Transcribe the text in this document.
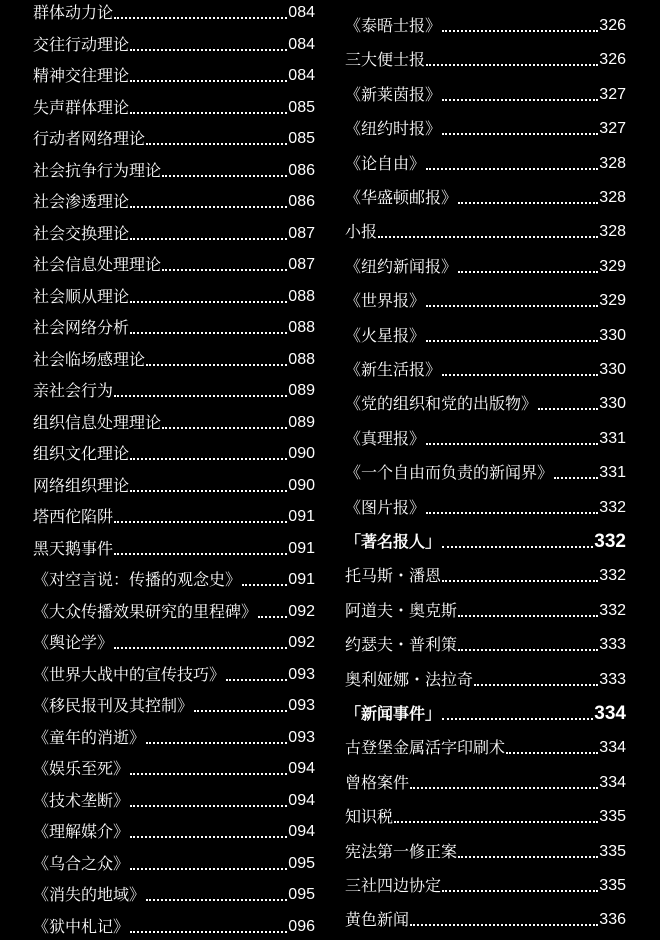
群体动力论	084
交往行动理论	084
精神交往理论	084
失声群体理论	085
行动者网络理论	085
社会抗争行为理论	086
社会渗透理论	086
社会交换理论	087
社会信息处理理论	087
社会顺从理论	088
社会网络分析	088
社会临场感理论	088
亲社会行为	089
组织信息处理理论	089
组织文化理论	090
网络组织理论	090
塔西佗陷阱	091
黑天鹅事件	091
《对空言说：传播的观念史》	091
《大众传播效果研究的里程碑》 092
《舆论学》	092
《世界大战中的宣传技巧》	093
《移民报刊及其控制》	093
《童年的消逝》	093
《娱乐至死》	094
《技术垄断》	094
《理解媒介》	094
《乌合之众》	095
《消失的地域》	095
《狱中札记》	096
《泰晤士报》	326
三大便士报	326
《新莱茵报》	327
《纽约时报》	327
《论自由》	328
《华盛顿邮报》	328
小报	328
《纽约新闻报》	329
《世界报》	329
《火星报》	330
《新生活报》	330
《党的组织和党的出版物》	330
《真理报》	331
《一个自由而负责的新闻界》	331
《图片报》	332
「著名报人」	332
托马斯・潘恩	332
阿道夫・奥克斯	332
约瑟夫・普利策	333
奥利娅娜・法拉奇	333
「新闻事件」	334
古登堡金属活字印刷术	334
曾格案件	334
知识税	335
宪法第一修正案	335
三社四边协定	335
黄色新闻	336
